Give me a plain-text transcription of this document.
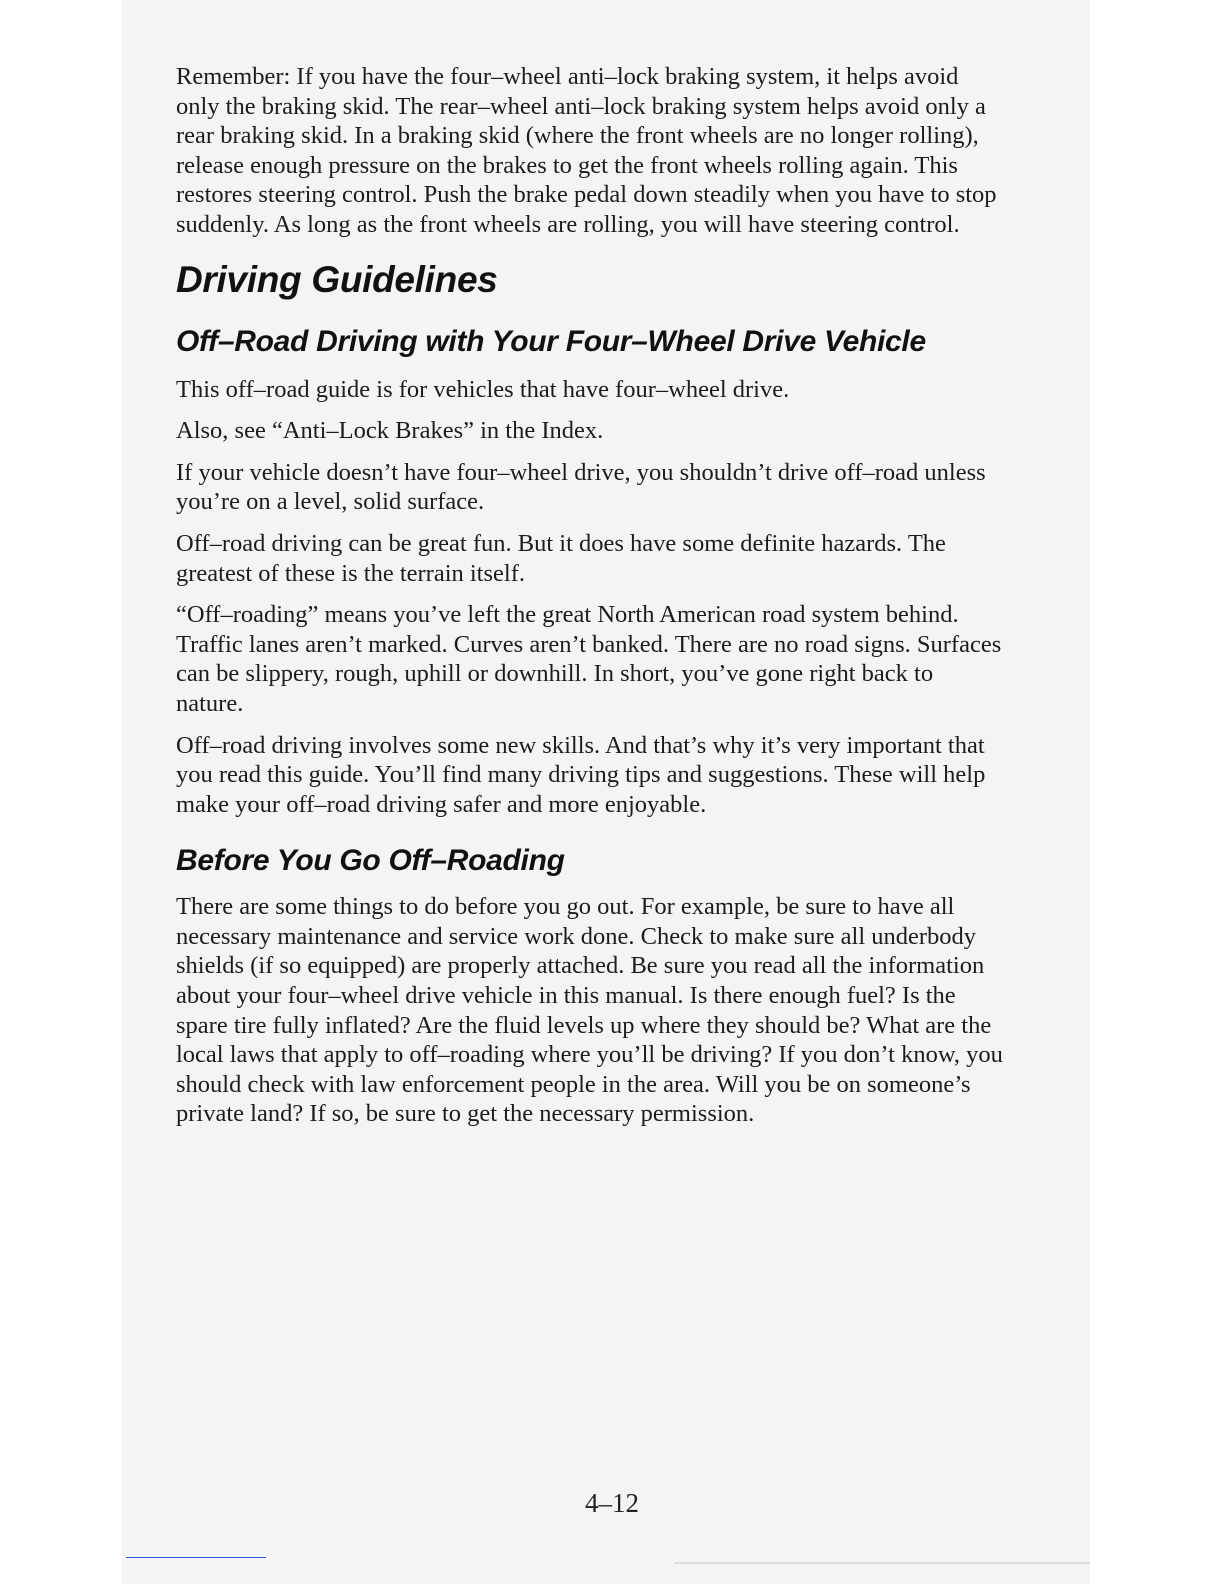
Remember: If you have the four–wheel anti–lock braking system, it helps avoid only the braking skid. The rear–wheel anti–lock braking system helps avoid only a rear braking skid. In a braking skid (where the front wheels are no longer rolling), release enough pressure on the brakes to get the front wheels rolling again. This restores steering control. Push the brake pedal down steadily when you have to stop suddenly. As long as the front wheels are rolling, you will have steering control.

Driving Guidelines
Off–Road Driving with Your Four–Wheel Drive Vehicle

This off–road guide is for vehicles that have four–wheel drive.

Also, see “Anti–Lock Brakes” in the Index.

If your vehicle doesn’t have four–wheel drive, you shouldn’t drive off–road unless you’re on a level, solid surface.

Off–road driving can be great fun. But it does have some definite hazards. The greatest of these is the terrain itself.

“Off–roading” means you’ve left the great North American road system behind. Traffic lanes aren’t marked. Curves aren’t banked. There are no road signs. Surfaces can be slippery, rough, uphill or downhill. In short, you’ve gone right back to nature.

Off–road driving involves some new skills. And that’s why it’s very important that you read this guide. You’ll find many driving tips and suggestions. These will help make your off–road driving safer and more enjoyable.

Before You Go Off–Roading

There are some things to do before you go out. For example, be sure to have all necessary maintenance and service work done. Check to make sure all underbody shields (if so equipped) are properly attached. Be sure you read all the information about your four–wheel drive vehicle in this manual. Is there enough fuel? Is the spare tire fully inflated? Are the fluid levels up where they should be? What are the local laws that apply to off–roading where you’ll be driving? If you don’t know, you should check with law enforcement people in the area. Will you be on someone’s private land? If so, be sure to get the necessary permission.

4–12
